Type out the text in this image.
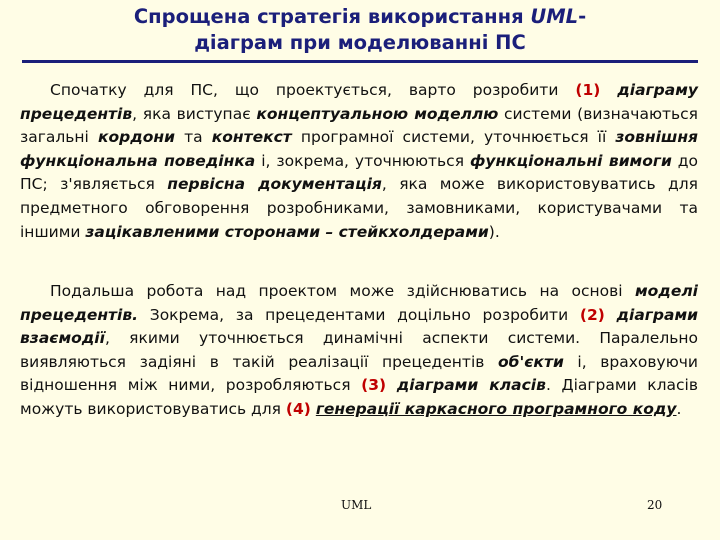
Спрощена стратегія використання UML-
діаграм при моделюванні ПС
Спочатку для ПС, що проектується, варто розробити (1) діаграму прецедентів, яка виступає концептуальною моделлю системи (визначаються загальні кордони та контекст програмної системи, уточнюється її зовнішня функціональна поведінка і, зокрема, уточнюються функціональні вимоги до ПС; з'являється первісна документація, яка може використовуватись для предметного обговорення розробниками, замовниками, користувачами та іншими зацікавленими сторонами – стейкхолдерами).
Подальша робота над проектом може здійснюватись на основі моделі прецедентів. Зокрема, за прецедентами доцільно розробити (2) діаграми взаємодії, якими уточнюється динамічні аспекти системи. Паралельно виявляються задіяні в такій реалізації прецедентів об'єкти і, враховуючи відношення між ними, розробляються (3) діаграми класів. Діаграми класів можуть використовуватись для (4) генерації каркасного програмного коду.
UML	20
